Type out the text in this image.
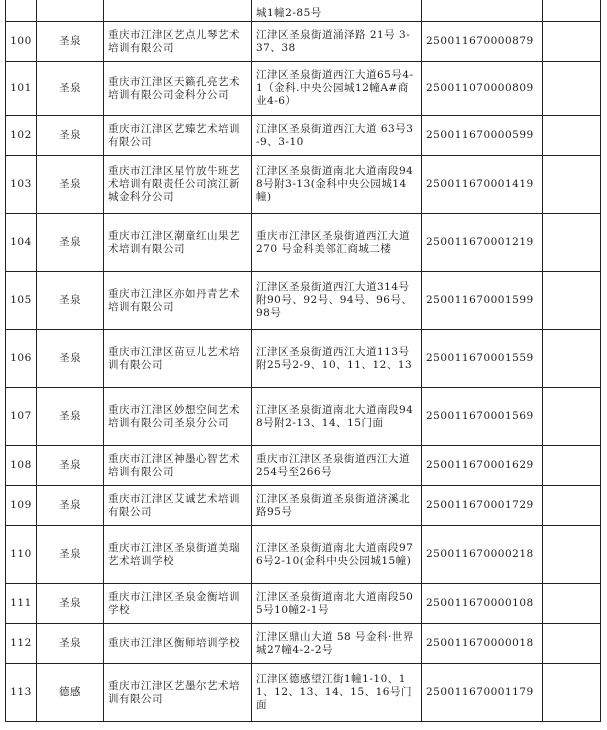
			城1幢2-85号		
100	圣泉	重庆市江津区艺点儿琴艺术培训有限公司	江津区圣泉街道涌泽路 21号 3-37、38	250011670000879	
101	圣泉	重庆市江津区天籁孔亮艺术培训有限公司金科分公司	江津区圣泉街道西江大道65号4-1（金科.中央公园城12幢A#商业4-6）	250011070000809	
102	圣泉	重庆市江津区艺臻艺术培训有限公司	江津区圣泉街道西江大道 63号3-9、3-10	250011670000599	
103	圣泉	重庆市江津区星竹放牛班艺术培训有限责任公司滨江新城金科分公司	江津区圣泉街道南北大道南段948号附3-13(金科中央公园城14幢)	250011670001419	
104	圣泉	重庆市江津区潮童红山果艺术培训有限公司	重庆市江津区圣泉街道西江大道 270 号金科美邻汇商城二楼	250011670001219	
105	圣泉	重庆市江津区亦如丹青艺术培训有限公司	江津区圣泉街道西江大道314号附90号、92号、94号、96号、98号	250011670001599	
106	圣泉	重庆市江津区苗豆儿艺术培训有限公司	江津区圣泉街道西江大道113号附25号2-9、10、11、12、13	250011670001559	
107	圣泉	重庆市江津区妙想空间艺术培训有限公司圣泉分公司	江津区圣泉街道南北大道南段948号附2-13、14、15门面	250011670001569	
108	圣泉	重庆市江津区神墨心智艺术培训有限公司	重庆市江津区圣泉街道西江大道254号至266号	250011670001629	
109	圣泉	重庆市江津区艾诚艺术培训有限公司	江津区圣泉街道圣泉街道济溪北路95号	250011670001729	
110	圣泉	重庆市江津区圣泉街道美瑞艺术培训学校	江津区圣泉街道南北大道南段976号2-10(金科中央公园城15幢)	250011670000218	
111	圣泉	重庆市江津区圣泉金衡培训学校	江津区圣泉街道南北大道南段505号10幢2-1号	250011670000108	
112	圣泉	重庆市江津区衡师培训学校	江津区鼎山大道 58 号金科·世界城27幢4-2-2号	250011670000018	
113	德感	重庆市江津区艺墨尔艺术培训有限公司	江津区德感望江街1幢1-10、11、12、13、14、15、16号门面	250011670001179	
